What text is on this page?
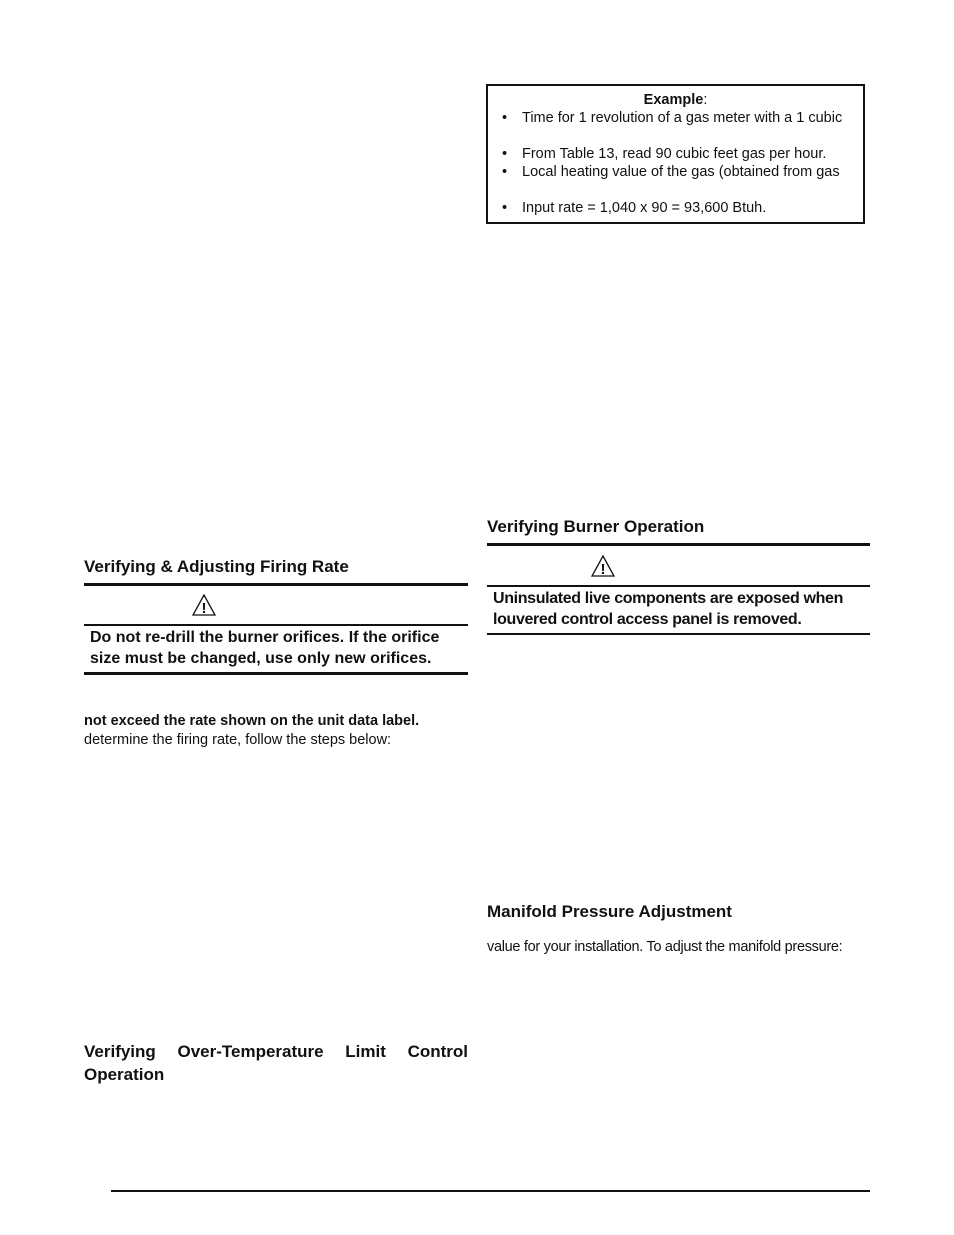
Example:
• Time for 1 revolution of a gas meter with a 1 cubic
• From Table 13, read 90 cubic feet gas per hour.
• Local heating value of the gas (obtained from gas
• Input rate = 1,040 x 90 = 93,600 Btuh.
Verifying Burner Operation
!
Uninsulated live components are exposed when louvered control access panel is removed.
Manifold Pressure Adjustment
value for your installation. To adjust the manifold pressure:
Verifying & Adjusting Firing Rate
!
Do not re-drill the burner orifices. If the orifice size must be changed, use only new orifices.
not exceed the rate shown on the unit data label.
determine the firing rate, follow the steps below:
Verifying Over-Temperature Limit Control Operation
